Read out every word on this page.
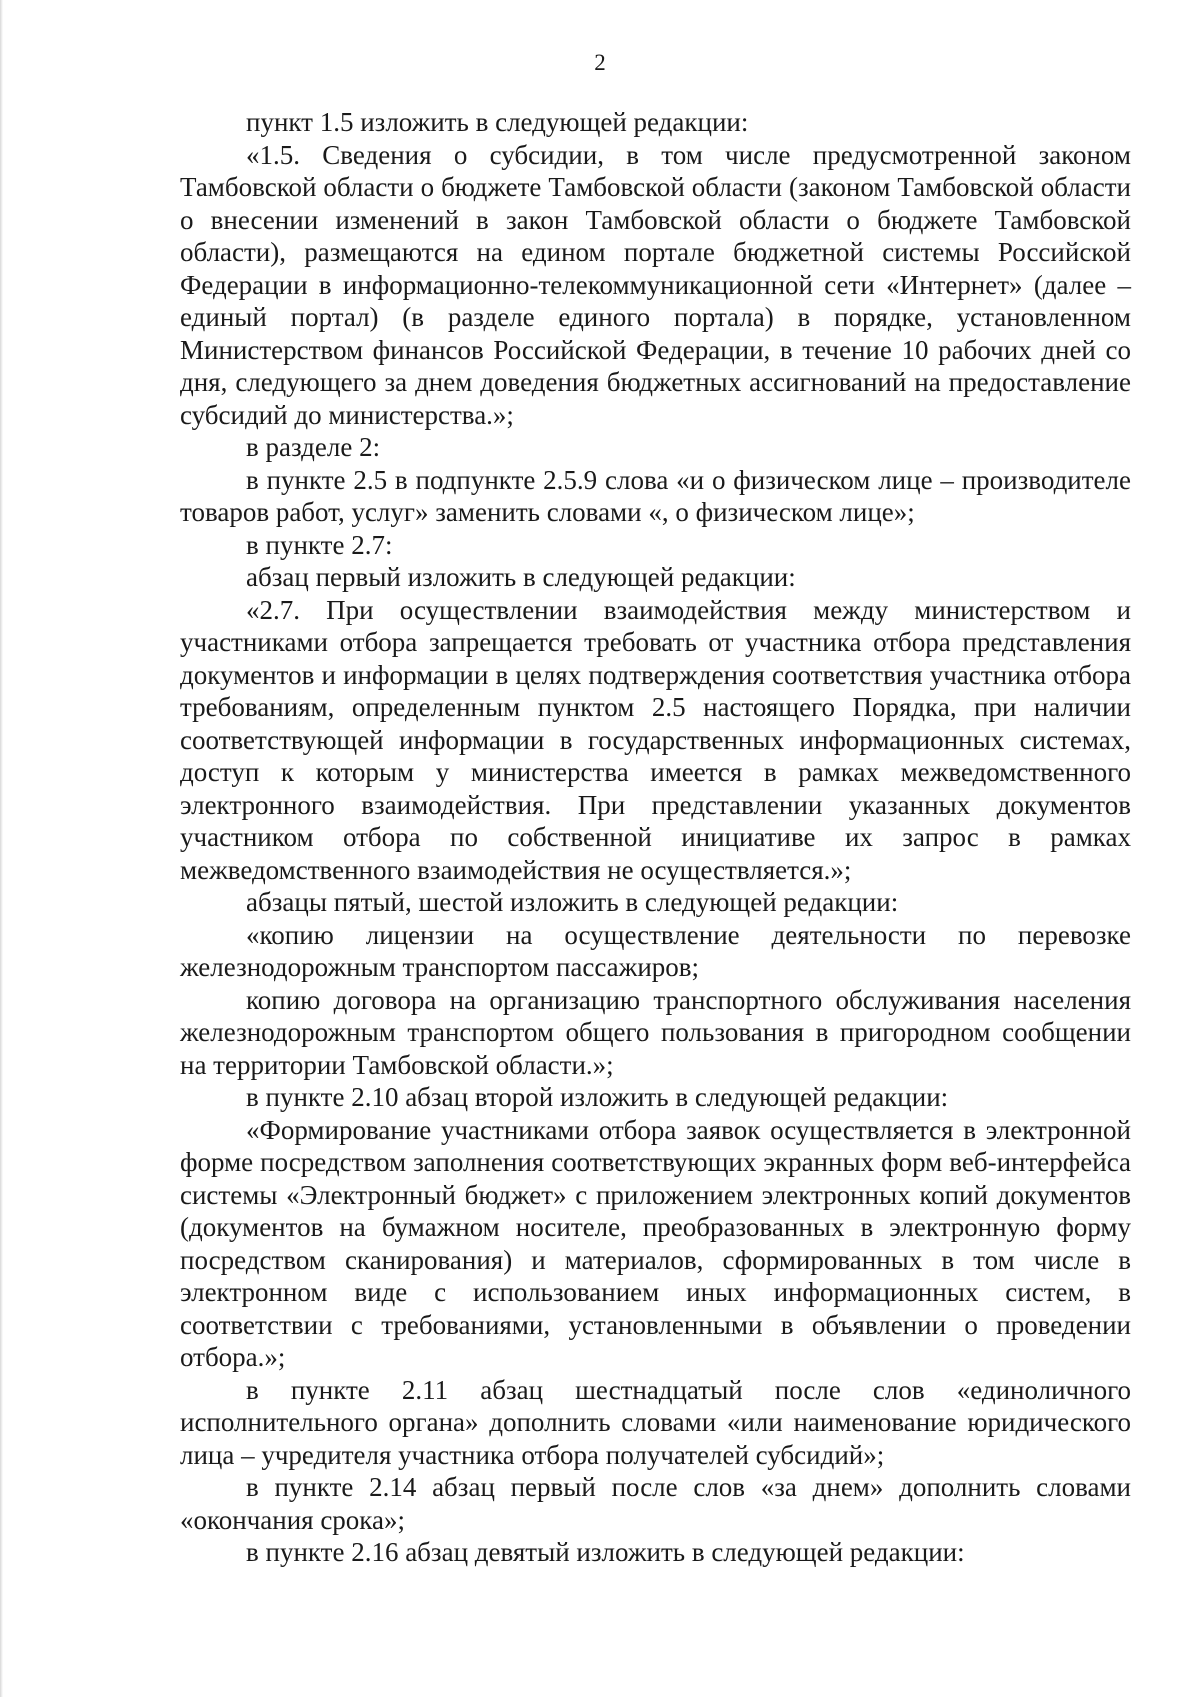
2

пункт 1.5 изложить в следующей редакции:

«1.5. Сведения о субсидии, в том числе предусмотренной законом Тамбовской области о бюджете Тамбовской области (законом Тамбовской области о внесении изменений в закон Тамбовской области о бюджете Тамбовской области), размещаются на едином портале бюджетной системы Российской Федерации в информационно-телекоммуникационной сети «Интернет» (далее – единый портал) (в разделе единого портала) в порядке, установленном Министерством финансов Российской Федерации, в течение 10 рабочих дней со дня, следующего за днем доведения бюджетных ассигнований на предоставление субсидий до министерства.»;

в разделе 2:

в пункте 2.5 в подпункте 2.5.9 слова «и о физическом лице – производителе товаров работ, услуг» заменить словами «, о физическом лице»;

в пункте 2.7:

абзац первый изложить в следующей редакции:

«2.7. При осуществлении взаимодействия между министерством и участниками отбора запрещается требовать от участника отбора представления документов и информации в целях подтверждения соответствия участника отбора требованиям, определенным пунктом 2.5 настоящего Порядка, при наличии соответствующей информации в государственных информационных системах, доступ к которым у министерства имеется в рамках межведомственного электронного взаимодействия. При представлении указанных документов участником отбора по собственной инициативе их запрос в рамках межведомственного взаимодействия не осуществляется.»;

абзацы пятый, шестой изложить в следующей редакции:

«копию лицензии на осуществление деятельности по перевозке железнодорожным транспортом пассажиров;

копию договора на организацию транспортного обслуживания населения железнодорожным транспортом общего пользования в пригородном сообщении на территории Тамбовской области.»;

в пункте 2.10 абзац второй изложить в следующей редакции:

«Формирование участниками отбора заявок осуществляется в электронной форме посредством заполнения соответствующих экранных форм веб-интерфейса системы «Электронный бюджет» с приложением электронных копий документов (документов на бумажном носителе, преобразованных в электронную форму посредством сканирования) и материалов, сформированных в том числе в электронном виде с использованием иных информационных систем, в соответствии с требованиями, установленными в объявлении о проведении отбора.»;

в пункте 2.11 абзац шестнадцатый после слов «единоличного исполнительного органа» дополнить словами «или наименование юридического лица – учредителя участника отбора получателей субсидий»;

в пункте 2.14 абзац первый после слов «за днем» дополнить словами «окончания срока»;

в пункте 2.16 абзац девятый изложить в следующей редакции:
